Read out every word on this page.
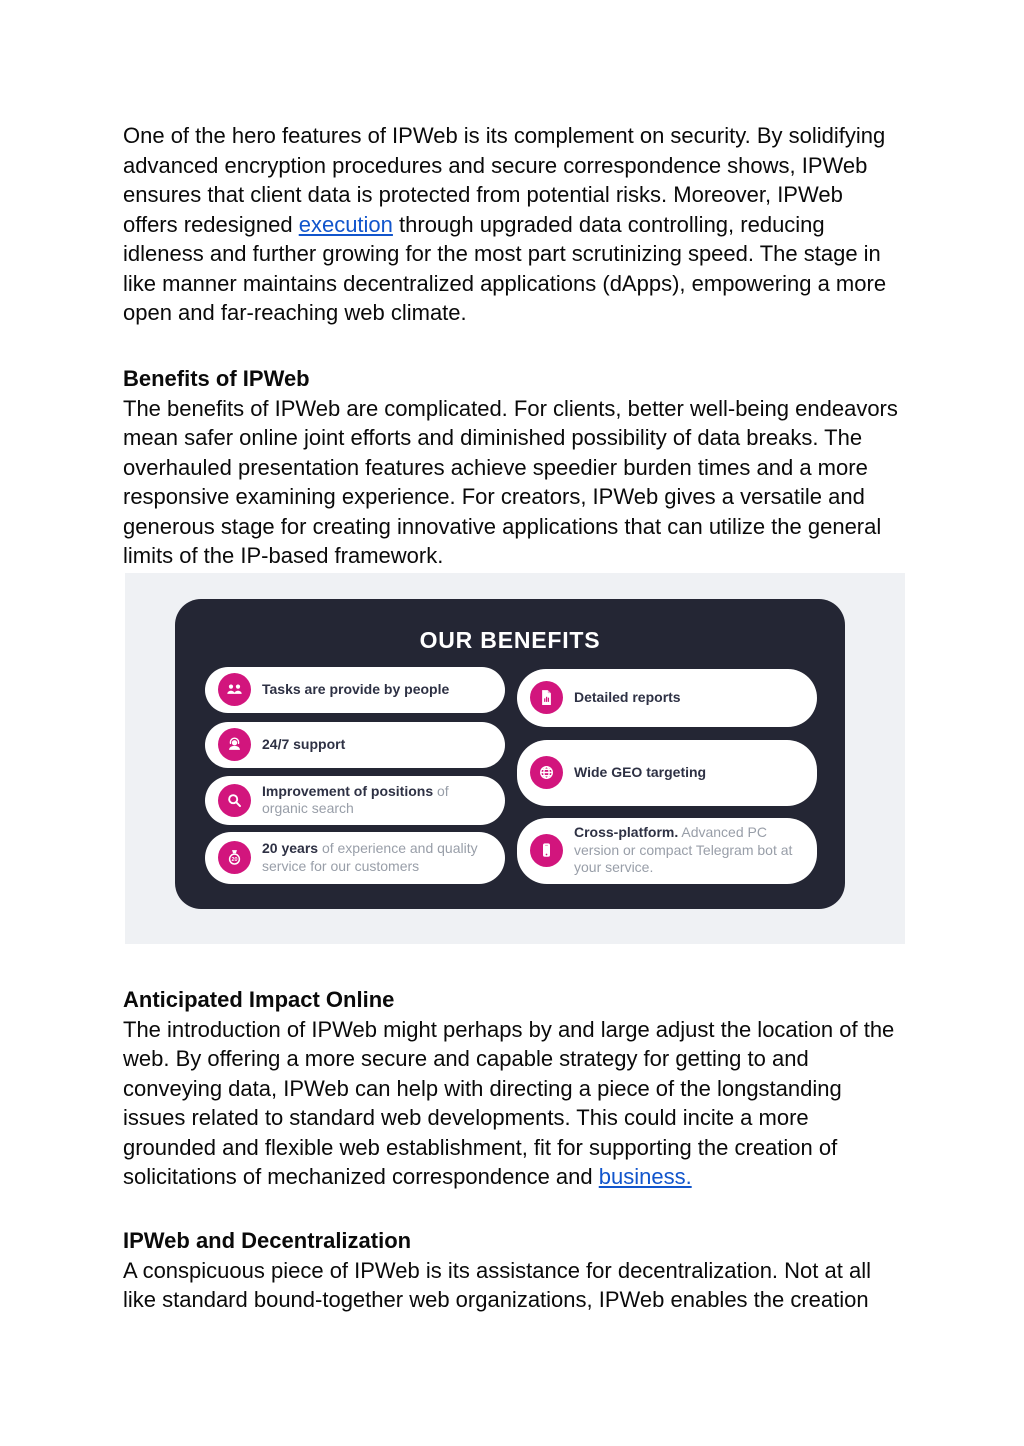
One of the hero features of IPWeb is its complement on security. By solidifying advanced encryption procedures and secure correspondence shows, IPWeb ensures that client data is protected from potential risks. Moreover, IPWeb offers redesigned execution through upgraded data controlling, reducing idleness and further growing for the most part scrutinizing speed. The stage in like manner maintains decentralized applications (dApps), empowering a more open and far-reaching web climate.

Benefits of IPWeb

The benefits of IPWeb are complicated. For clients, better well-being endeavors mean safer online joint efforts and diminished possibility of data breaks. The overhauled presentation features achieve speedier burden times and a more responsive examining experience. For creators, IPWeb gives a versatile and generous stage for creating innovative applications that can utilize the general limits of the IP-based framework.

OUR BENEFITS
Tasks are provide by people
24/7 support
Improvement of positions of organic search
20
20 years of experience and quality service for our customers
Detailed reports
Wide GEO targeting
Cross-platform. Advanced PC version or compact Telegram bot at your service.
Anticipated Impact Online

The introduction of IPWeb might perhaps by and large adjust the location of the web. By offering a more secure and capable strategy for getting to and conveying data, IPWeb can help with directing a piece of the longstanding issues related to standard web developments. This could incite a more grounded and flexible web establishment, fit for supporting the creation of solicitations of mechanized correspondence and business.

IPWeb and Decentralization

A conspicuous piece of IPWeb is its assistance for decentralization. Not at all like standard bound-together web organizations, IPWeb enables the creation
